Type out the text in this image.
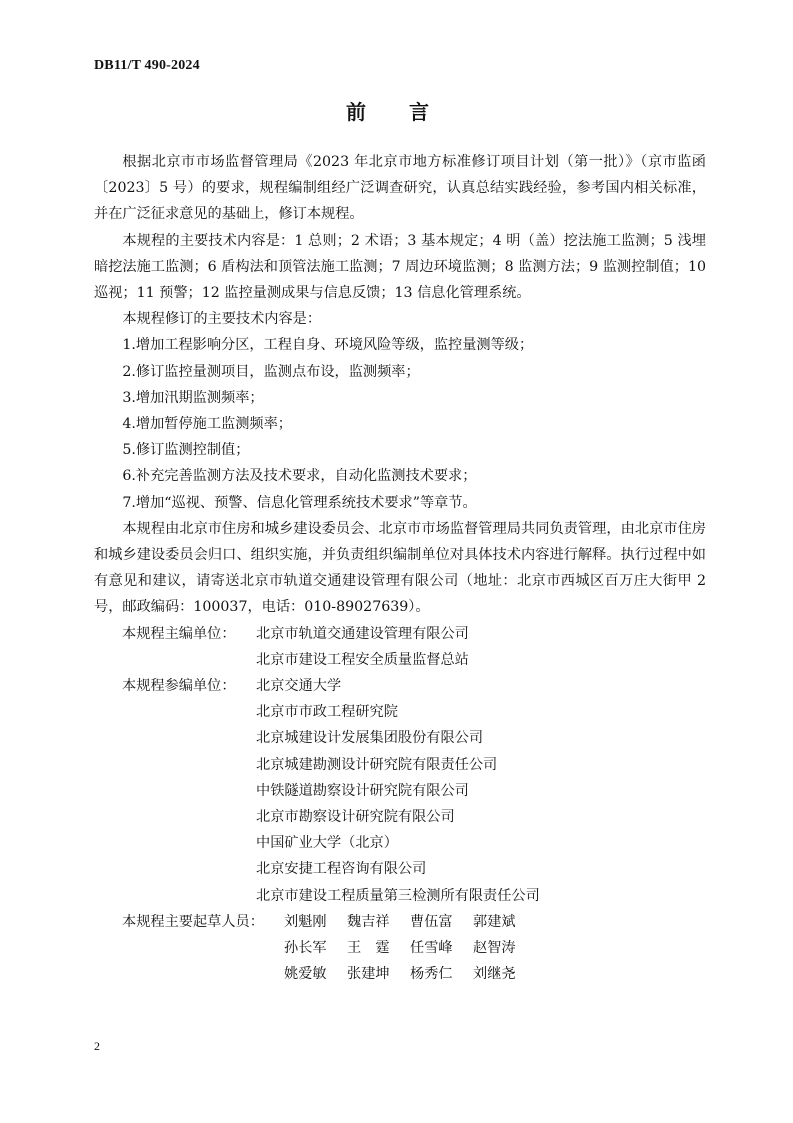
DB11/T 490-2024
前 言

根据北京市市场监督管理局《2023 年北京市地方标准修订项目计划（第一批）》（京市监函〔2023〕5 号）的要求，规程编制组经广泛调查研究，认真总结实践经验，参考国内相关标准，并在广泛征求意见的基础上，修订本规程。

本规程的主要技术内容是：1 总则；2 术语；3 基本规定；4 明（盖）挖法施工监测；5 浅埋暗挖法施工监测；6 盾构法和顶管法施工监测；7 周边环境监测；8 监测方法；9 监测控制值；10 巡视；11 预警；12 监控量测成果与信息反馈；13 信息化管理系统。

本规程修订的主要技术内容是：

1.增加工程影响分区，工程自身、环境风险等级，监控量测等级；

2.修订监控量测项目，监测点布设，监测频率；

3.增加汛期监测频率；

4.增加暂停施工监测频率；

5.修订监测控制值；

6.补充完善监测方法及技术要求，自动化监测技术要求；

7.增加“巡视、预警、信息化管理系统技术要求”等章节。

本规程由北京市住房和城乡建设委员会、北京市市场监督管理局共同负责管理，由北京市住房和城乡建设委员会归口、组织实施，并负责组织编制单位对具体技术内容进行解释。执行过程中如有意见和建议，请寄送北京市轨道交通建设管理有限公司（地址：北京市西城区百万庄大街甲 2 号，邮政编码：100037，电话：010-89027639）。

本规程主编单位：	北京市轨道交通建设管理有限公司
北京市建设工程安全质量监督总站
本规程参编单位：	北京交通大学
北京市市政工程研究院
北京城建设计发展集团股份有限公司
北京城建勘测设计研究院有限责任公司
中铁隧道勘察设计研究院有限公司
北京市勘察设计研究院有限公司
中国矿业大学（北京）
北京安捷工程咨询有限公司
北京市建设工程质量第三检测所有限责任公司
本规程主要起草人员：	刘魁刚	魏吉祥	曹伍富	郭建斌
孙长军	王　霆	任雪峰	赵智涛
姚爱敏	张建坤	杨秀仁	刘继尧
2
